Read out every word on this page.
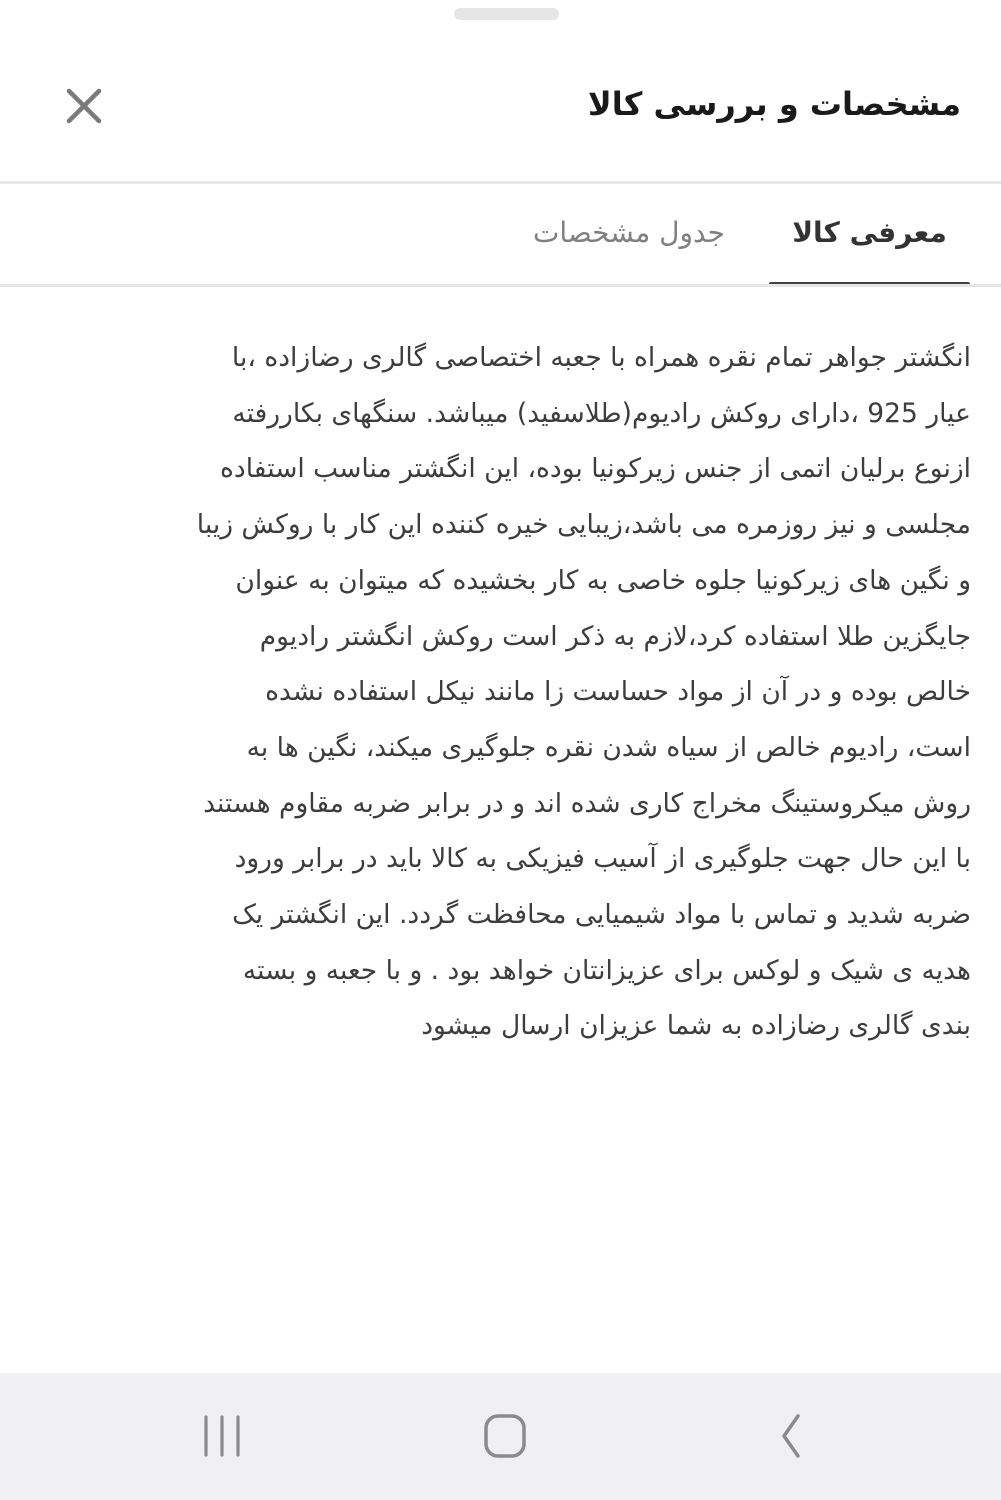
مشخصات و بررسی کالا
معرفی کالا
جدول مشخصات
انگشتر جواهر تمام نقره همراه با جعبه اختصاصی گالری رضازاده ،با
عیار 925 ،دارای روکش رادیوم(طلاسفید) میباشد. سنگهای بکاررفته
ازنوع برلیان اتمی از جنس زیرکونیا بوده، این انگشتر مناسب استفاده
مجلسی و نیز روزمره می باشد،زیبایی خیره کننده این کار با روکش زیبا
و نگین های زیرکونیا جلوه خاصی به کار بخشیده که میتوان به عنوان
جایگزین طلا استفاده کرد،لازم به ذکر است روکش انگشتر رادیوم
خالص بوده و در آن از مواد حساست زا مانند نیکل استفاده نشده
است، رادیوم خالص از سیاه شدن نقره جلوگیری میکند، نگین ها به
روش میکروستینگ مخراج کاری شده اند و در برابر ضربه مقاوم هستند
با این حال جهت جلوگیری از آسیب فیزیکی به کالا باید در برابر ورود
ضربه شدید و تماس با مواد شیمیایی محافظت گردد. این انگشتر یک
هدیه ی شیک و لوکس برای عزیزانتان خواهد بود . و با جعبه و بسته
بندی گالری رضازاده به شما عزیزان ارسال میشود
